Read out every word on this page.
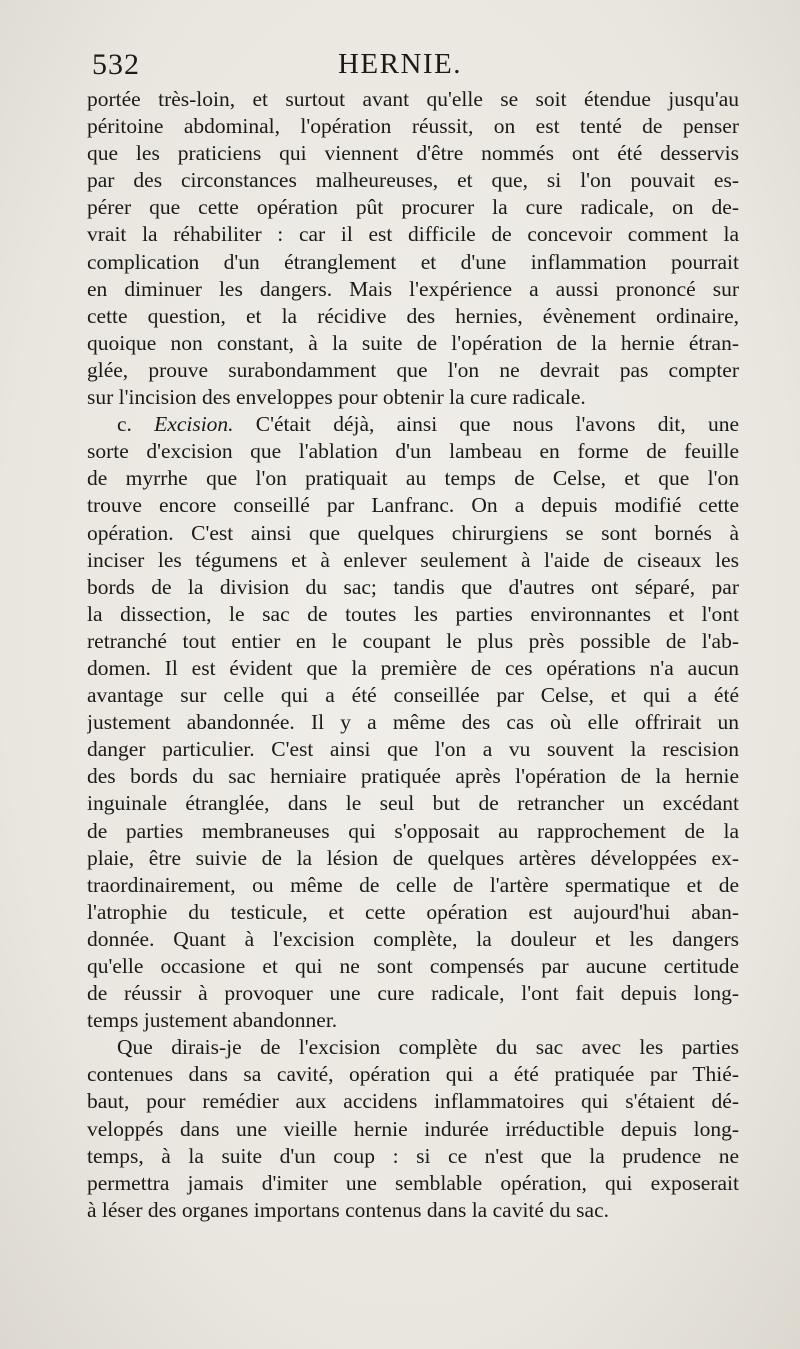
532	HERNIE.
portée très-loin, et surtout avant qu'elle se soit étendue jusqu'au
péritoine abdominal, l'opération réussit, on est tenté de penser
que les praticiens qui viennent d'être nommés ont été desservis
par des circonstances malheureuses, et que, si l'on pouvait es-
pérer que cette opération pût procurer la cure radicale, on de-
vrait la réhabiliter : car il est difficile de concevoir comment la
complication d'un étranglement et d'une inflammation pourrait
en diminuer les dangers. Mais l'expérience a aussi prononcé sur
cette question, et la récidive des hernies, évènement ordinaire,
quoique non constant, à la suite de l'opération de la hernie étran-
glée, prouve surabondamment que l'on ne devrait pas compter
sur l'incision des enveloppes pour obtenir la cure radicale.
c. Excision. C'était déjà, ainsi que nous l'avons dit, une
sorte d'excision que l'ablation d'un lambeau en forme de feuille
de myrrhe que l'on pratiquait au temps de Celse, et que l'on
trouve encore conseillé par Lanfranc. On a depuis modifié cette
opération. C'est ainsi que quelques chirurgiens se sont bornés à
inciser les tégumens et à enlever seulement à l'aide de ciseaux les
bords de la division du sac; tandis que d'autres ont séparé, par
la dissection, le sac de toutes les parties environnantes et l'ont
retranché tout entier en le coupant le plus près possible de l'ab-
domen. Il est évident que la première de ces opérations n'a aucun
avantage sur celle qui a été conseillée par Celse, et qui a été
justement abandonnée. Il y a même des cas où elle offrirait un
danger particulier. C'est ainsi que l'on a vu souvent la rescision
des bords du sac herniaire pratiquée après l'opération de la hernie
inguinale étranglée, dans le seul but de retrancher un excédant
de parties membraneuses qui s'opposait au rapprochement de la
plaie, être suivie de la lésion de quelques artères développées ex-
traordinairement, ou même de celle de l'artère spermatique et de
l'atrophie du testicule, et cette opération est aujourd'hui aban-
donnée. Quant à l'excision complète, la douleur et les dangers
qu'elle occasione et qui ne sont compensés par aucune certitude
de réussir à provoquer une cure radicale, l'ont fait depuis long-
temps justement abandonner.
Que dirais-je de l'excision complète du sac avec les parties
contenues dans sa cavité, opération qui a été pratiquée par Thié-
baut, pour remédier aux accidens inflammatoires qui s'étaient dé-
veloppés dans une vieille hernie indurée irréductible depuis long-
temps, à la suite d'un coup : si ce n'est que la prudence ne
permettra jamais d'imiter une semblable opération, qui exposerait
à léser des organes importans contenus dans la cavité du sac.
